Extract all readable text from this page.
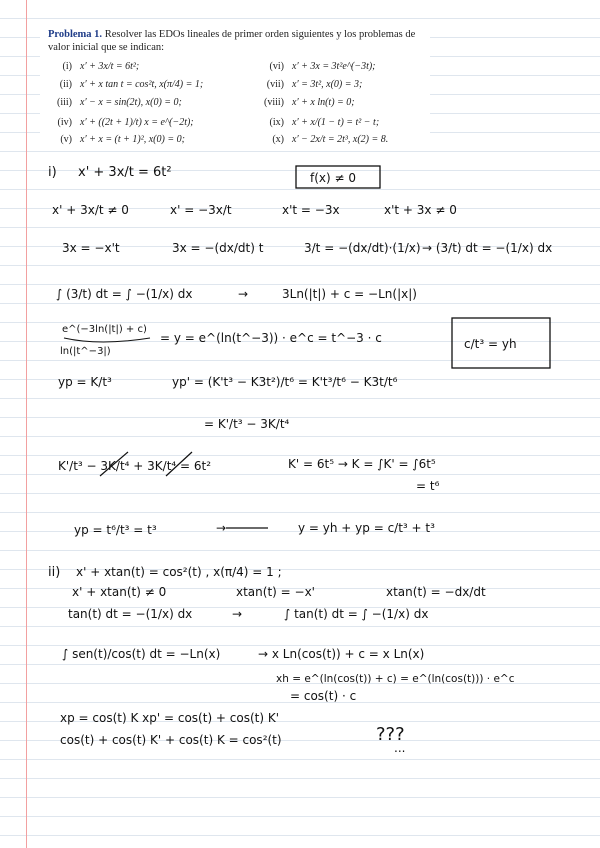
Problema 1. Resolver las EDOs lineales de primer orden siguientes y los problemas de valor inicial que se indican:
(i) x′ + 3x/t = 6t²;
(ii) x′ + x tan t = cos²t, x(π/4) = 1;
(iii) x′ − x = sin(2t), x(0) = 0;
(iv) x′ + ((2t + 1)/t) x = e^(−2t);
(v) x′ + x = (t + 1)², x(0) = 0;
(vi) x′ + 3x = 3t²e^(−3t);
(vii) x′ = 3t², x(0) = 3;
(viii) x′ + x ln(t) = 0;
(ix) x′ + x/(1 − t) = t² − t;
(x) x′ − 2x/t = 2t³, x(2) = 8.
i) x' + 3x/t = 6t²	f(x) ≠ 0
x' + 3x/t ≠ 0	x' = −3x/t	x't = −3x	x't + 3x ≠ 0
3x = −x't	3x = −(dx/dt) t	3/t = −(dx/dt)·(1/x) → (3/t) dt = −(1/x) dx
∫ (3/t) dt = ∫ −(1/x) dx	→	3Ln(|t|) + c = −Ln(|x|)
e^(−3ln(|t|) + c)
ln(|t^−3|)
= y = e^(ln(t^−3)) · e^c = t^−3 · c	c/t³ = yh
yp = K/t³	yp' = (K't³ − K3t²)/t⁶ = K't³/t⁶ − K3t/t⁶
= K'/t³ − 3K/t⁴
K'/t³ − 3K/t⁴ + 3K/t⁴ = 6t²	K' = 6t⁵ → K = ∫K' = ∫6t⁵
= t⁶
yp = t⁶/t³ = t³	→	y = yh + yp = c/t³ + t³
ii) x' + xtan(t) = cos²(t) , x(π/4) = 1 ;
x' + xtan(t) ≠ 0	xtan(t) = −x'	xtan(t) = −dx/dt
tan(t) dt = −(1/x) dx	→	∫ tan(t) dt = ∫ −(1/x) dx
∫ sen(t)/cos(t) dt = −Ln(x)	→ x Ln(cos(t)) + c = x Ln(x)
xh = e^(ln(cos(t)) + c) = e^(ln(cos(t))) · e^c
= cos(t) · c
xp = cos(t) K xp' = cos(t) + cos(t) K'
???
cos(t) + cos(t) K' + cos(t) K = cos²(t)
...
